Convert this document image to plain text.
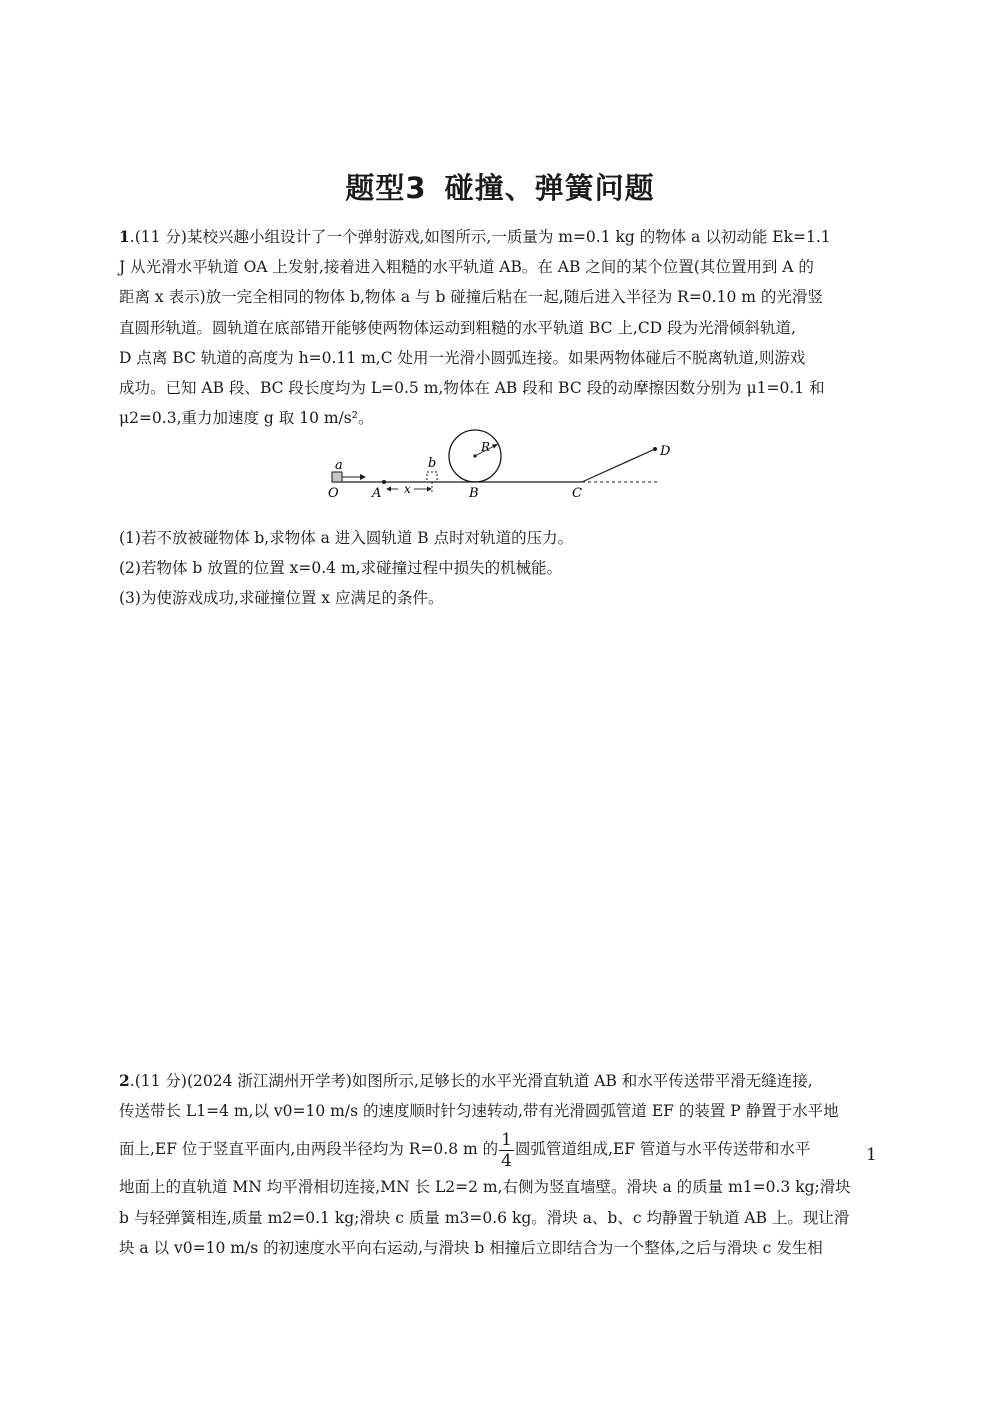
题型3 碰撞、弹簧问题

1.(11 分)某校兴趣小组设计了一个弹射游戏,如图所示,一质量为 m=0.1 kg 的物体 a 以初动能 Ek=1.1

J 从光滑水平轨道 OA 上发射,接着进入粗糙的水平轨道 AB。在 AB 之间的某个位置(其位置用到 A 的

距离 x 表示)放一完全相同的物体 b,物体 a 与 b 碰撞后粘在一起,随后进入半径为 R=0.10 m 的光滑竖

直圆形轨道。圆轨道在底部错开能够使两物体运动到粗糙的水平轨道 BC 上,CD 段为光滑倾斜轨道,

D 点离 BC 轨道的高度为 h=0.11 m,C 处用一光滑小圆弧连接。如果两物体碰后不脱离轨道,则游戏

成功。已知 AB 段、BC 段长度均为 L=0.5 m,物体在 AB 段和 BC 段的动摩擦因数分别为 μ1=0.1 和

μ2=0.3,重力加速度 g 取 10 m/s²。

a
O	A x
b
R
B	C
D
(1)若不放被碰物体 b,求物体 a 进入圆轨道 B 点时对轨道的压力。
(2)若物体 b 放置的位置 x=0.4 m,求碰撞过程中损失的机械能。
(3)为使游戏成功,求碰撞位置 x 应满足的条件。

2.(11 分)(2024 浙江湖州开学考)如图所示,足够长的水平光滑直轨道 AB 和水平传送带平滑无缝连接,

传送带长 L1=4 m,以 v0=10 m/s 的速度顺时针匀速转动,带有光滑圆弧管道 EF 的装置 P 静置于水平地

面上,EF 位于竖直平面内,由两段半径均为 R=0.8 m 的 $\frac{1}{4}$ 圆弧管道组成,EF 管道与水平传送带和水平

地面上的直轨道 MN 均平滑相切连接,MN 长 L2=2 m,右侧为竖直墙壁。滑块 a 的质量 m1=0.3 kg;滑块

b 与轻弹簧相连,质量 m2=0.1 kg;滑块 c 质量 m3=0.6 kg。滑块 a、b、c 均静置于轨道 AB 上。现让滑

块 a 以 v0=10 m/s 的初速度水平向右运动,与滑块 b 相撞后立即结合为一个整体,之后与滑块 c 发生相

1
